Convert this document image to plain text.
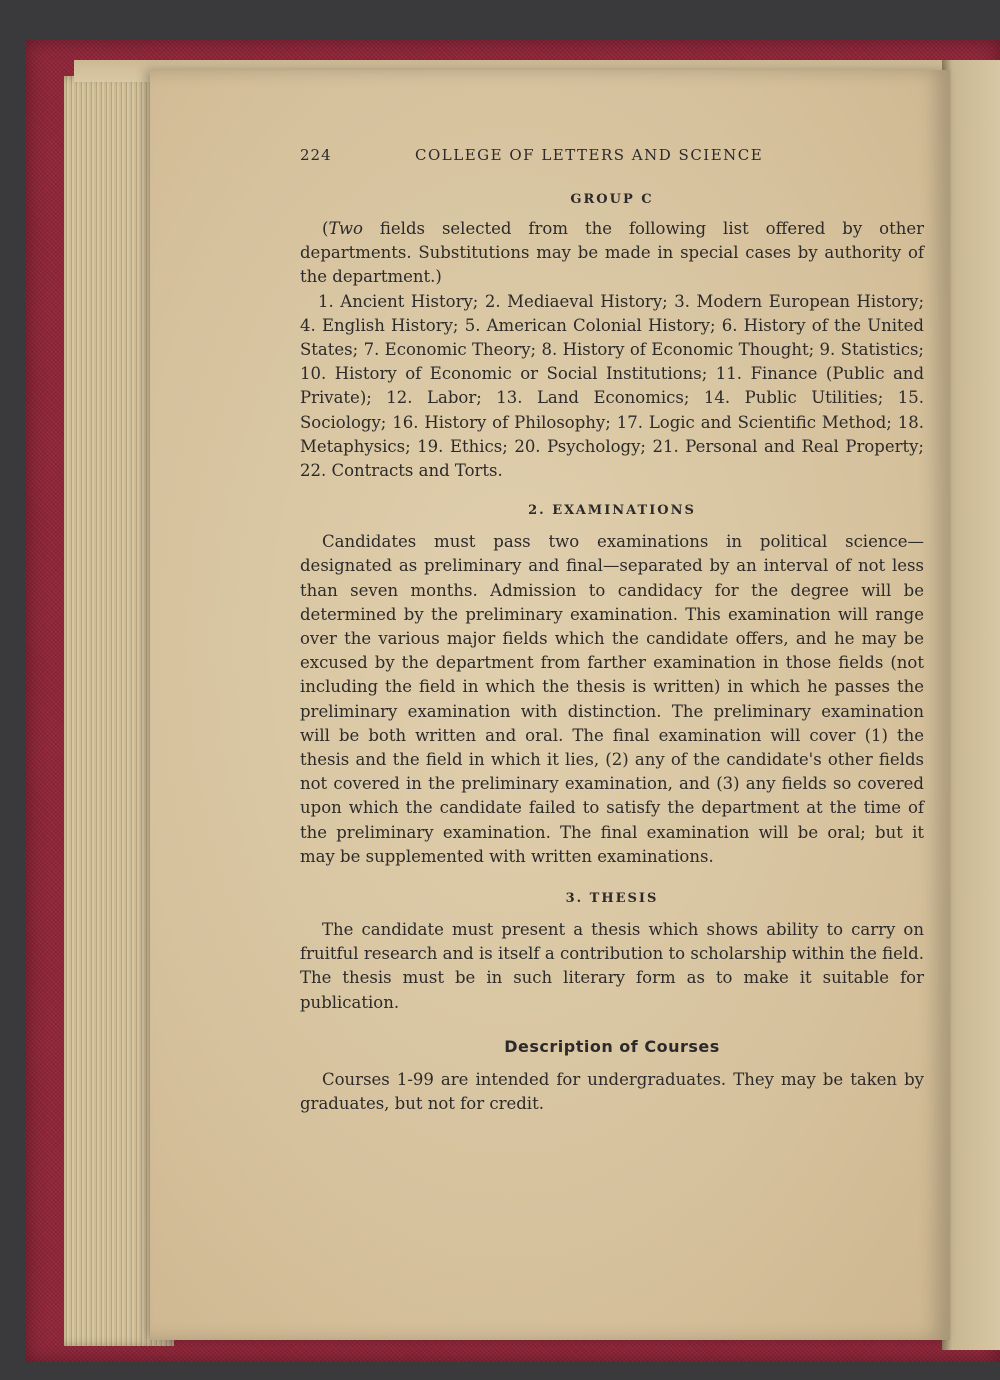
224	COLLEGE OF LETTERS AND SCIENCE
GROUP C

(Two fields selected from the following list offered by other departments. Substitutions may be made in special cases by authority of the department.)

1. Ancient History; 2. Mediaeval History; 3. Modern European History; 4. English History; 5. American Colonial History; 6. History of the United States; 7. Economic Theory; 8. History of Economic Thought; 9. Statistics; 10. History of Economic or Social Institutions; 11. Finance (Public and Private); 12. Labor; 13. Land Economics; 14. Public Utilities; 15. Sociology; 16. History of Philosophy; 17. Logic and Scientific Method; 18. Metaphysics; 19. Ethics; 20. Psychology; 21. Personal and Real Property; 22. Contracts and Torts.

2. EXAMINATIONS

Candidates must pass two examinations in political science—designated as preliminary and final—separated by an interval of not less than seven months. Admission to candidacy for the degree will be determined by the preliminary examination. This examination will range over the various major fields which the candidate offers, and he may be excused by the department from farther examination in those fields (not including the field in which the thesis is written) in which he passes the preliminary examination with distinction. The preliminary examination will be both written and oral. The final examination will cover (1) the thesis and the field in which it lies, (2) any of the candidate's other fields not covered in the preliminary examination, and (3) any fields so covered upon which the candidate failed to satisfy the department at the time of the preliminary examination. The final examination will be oral; but it may be supplemented with written examinations.

3. THESIS

The candidate must present a thesis which shows ability to carry on fruitful research and is itself a contribution to scholarship within the field. The thesis must be in such literary form as to make it suitable for publication.

Description of Courses

Courses 1-99 are intended for undergraduates. They may be taken by graduates, but not for credit.
